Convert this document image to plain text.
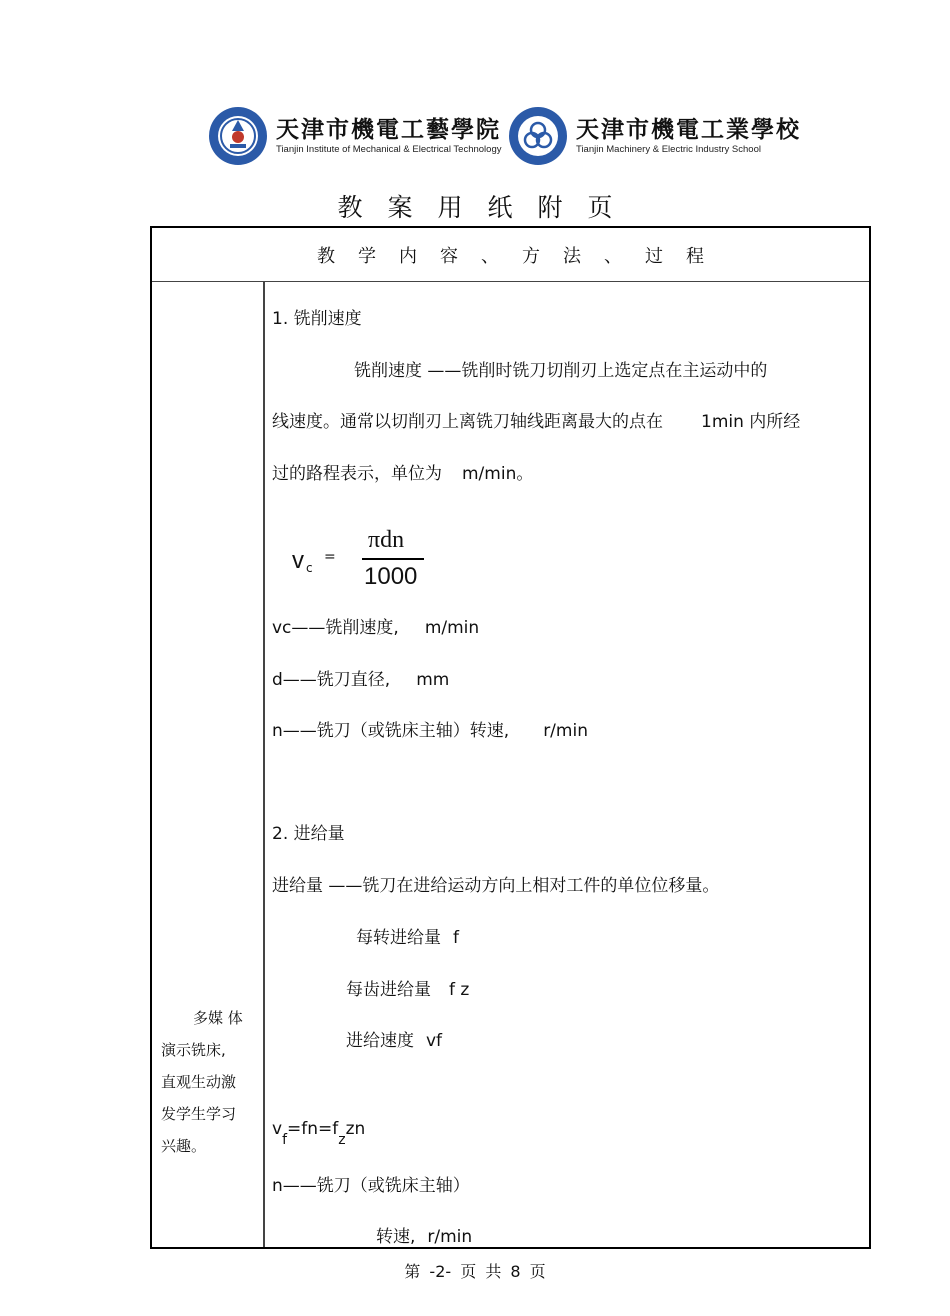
天津市機電工藝學院
Tianjin Institute of Mechanical & Electrical Technology
天津市機電工業學校
Tianjin Machinery & Electric Industry School
教案用纸附页
教学内容、方法、过程
多媒 体
演示铣床,
直观生动激
发学生学习
兴趣。
1. 铣削速度
铣削速度 ——铣削时铣刀切削刃上选定点在主运动中的
线速度。通常以切削刃上离铣刀轴线距离最大的点在 1min 内所经
过的路程表示，单位为 m/min。
v c
=
πdn
1000
vc——铣削速度, m/min
d——铣刀直径, mm
n——铣刀（或铣床主轴）转速, r/min
2. 进给量
进给量 ——铣刀在进给运动方向上相对工件的单位位移量。
每转进给量 f
每齿进给量 f z
进给速度 vf
$v_f=fn=f_zzn$
n——铣刀（或铣床主轴）
转速, r/min
第 -2- 页 共 8 页
